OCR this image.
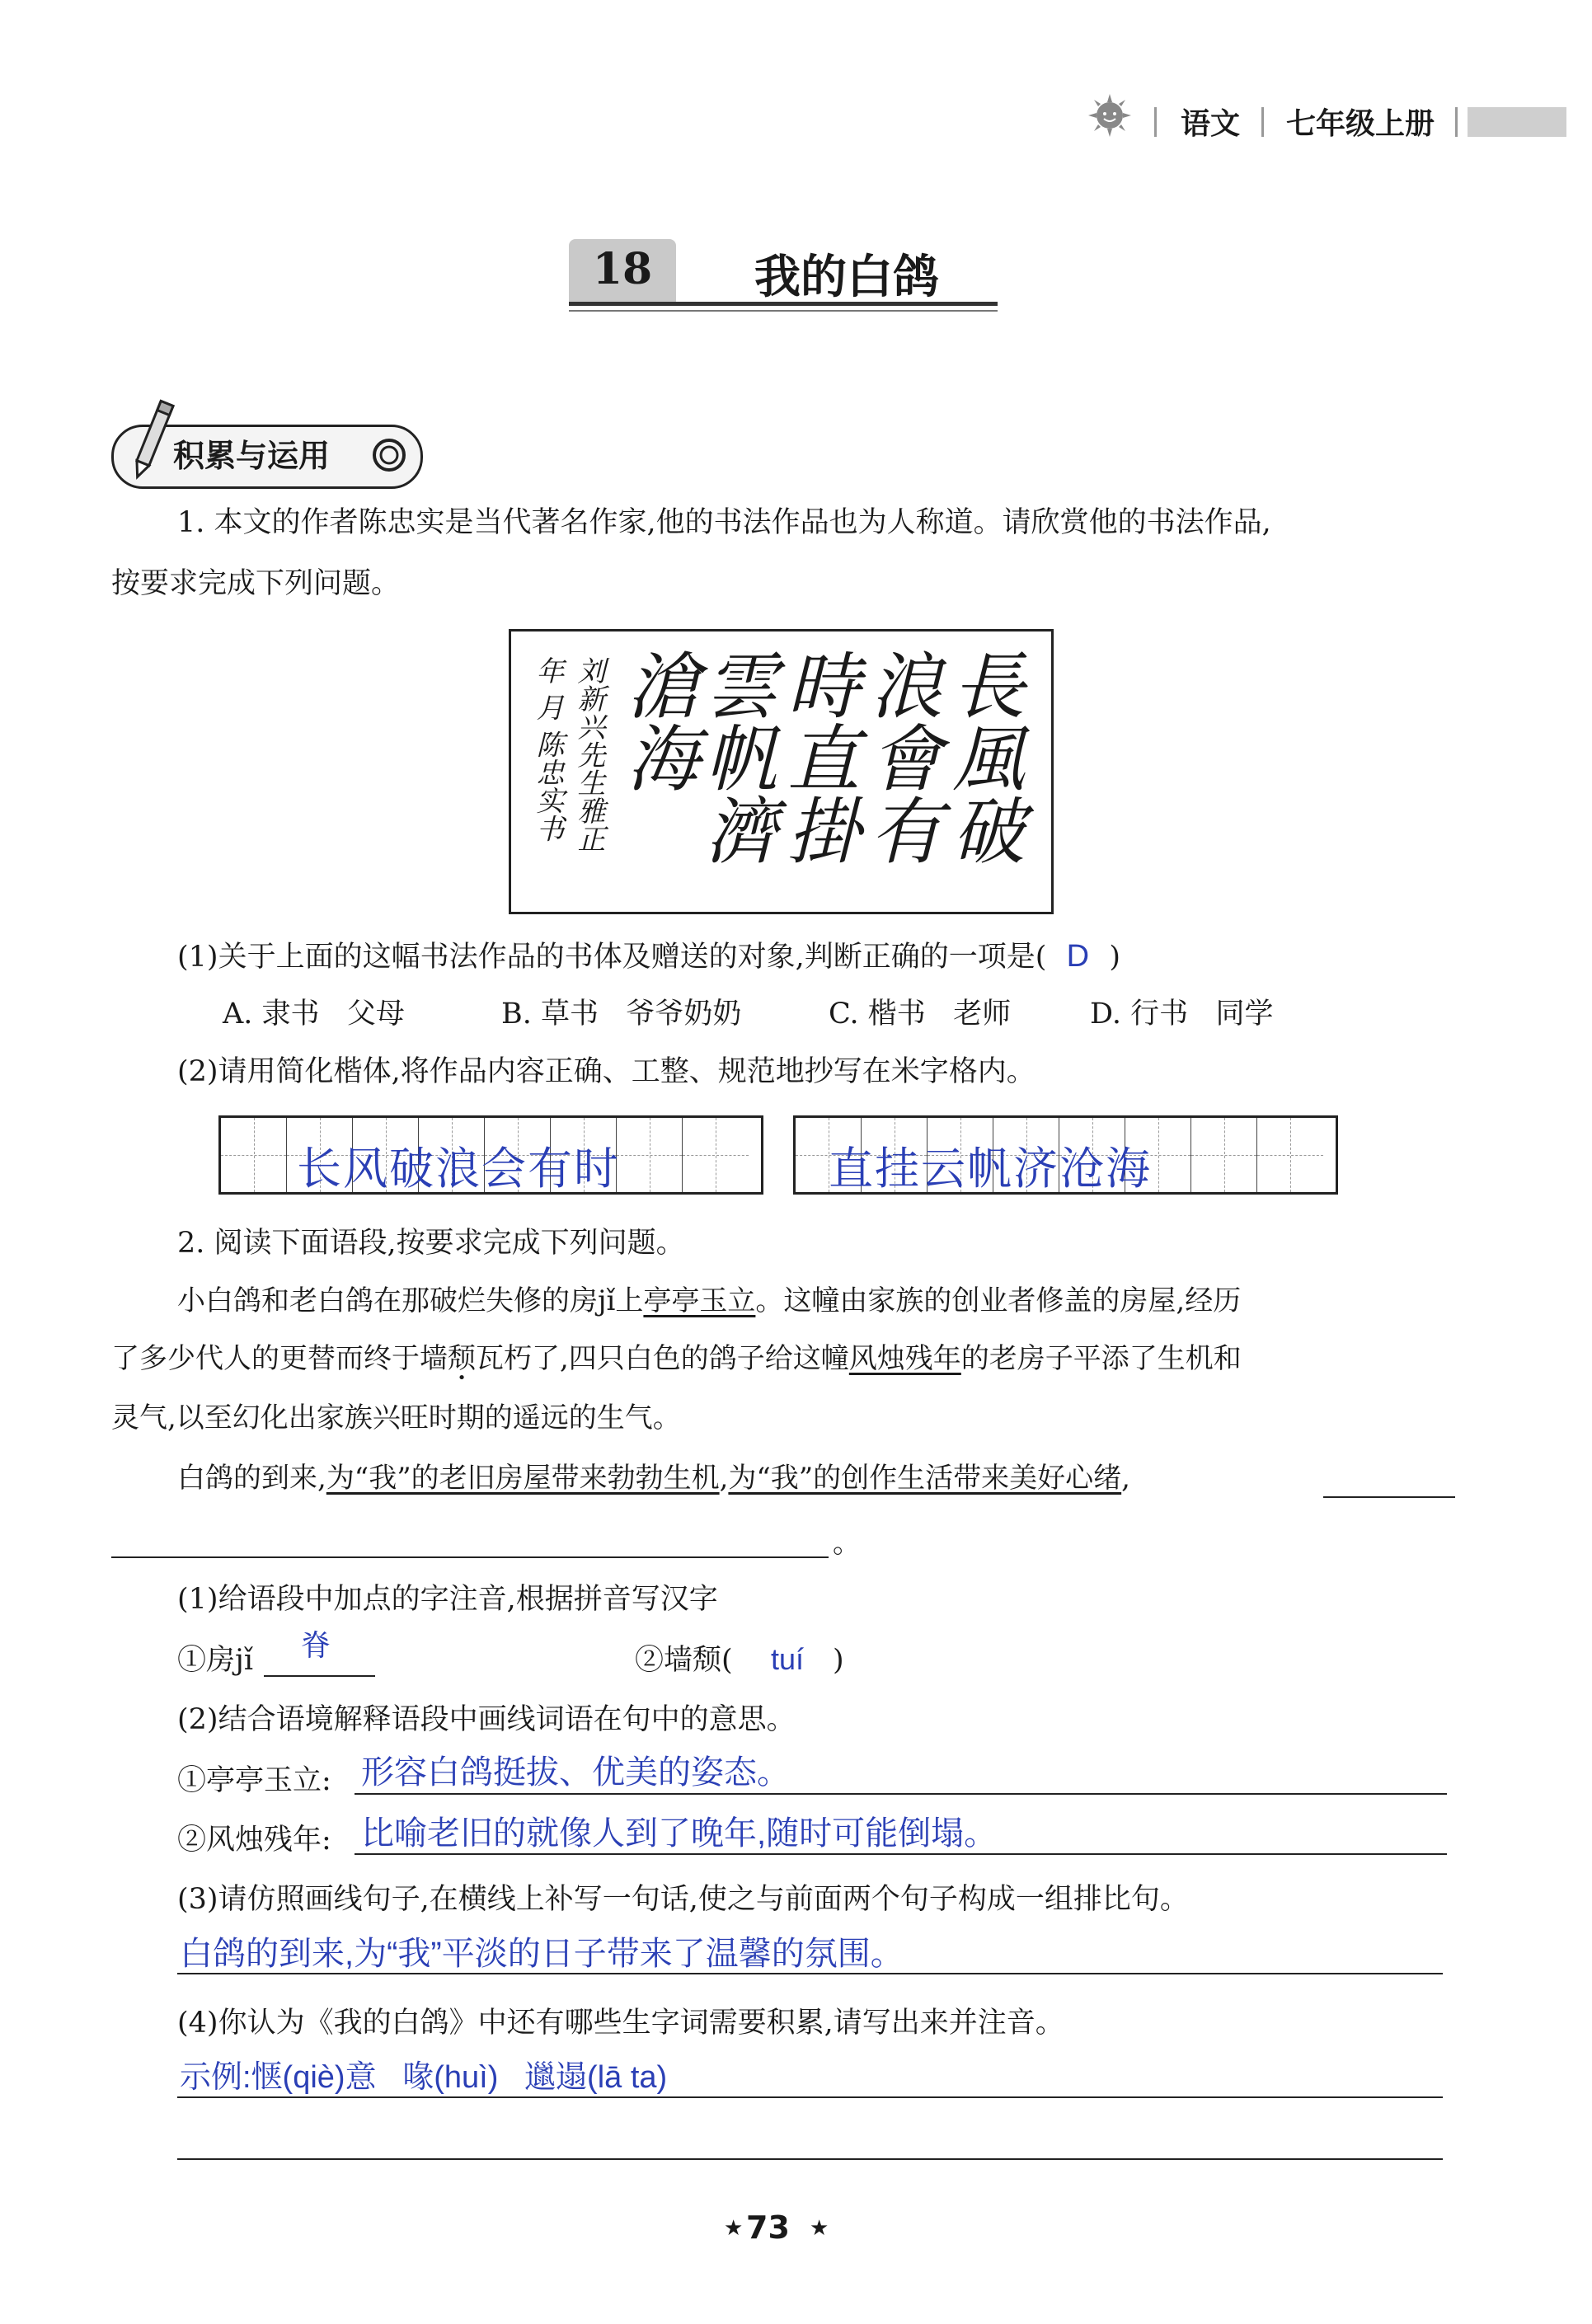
语文 七年级上册
18	我的白鸽
积累与运用
1. 本文的作者陈忠实是当代著名作家,他的书法作品也为人称道。请欣赏他的书法作品,
按要求完成下列问题。
長風破
浪會有
時直掛
雲帆濟
滄海
刘新兴先生雅正
年 月 陈忠实书
(1)关于上面的这幅书法作品的书体及赠送的对象,判断正确的一项是( D )
A. 隶书 父母	B. 草书 爷爷奶奶	C. 楷书 老师	D. 行书 同学
(2)请用简化楷体,将作品内容正确、工整、规范地抄写在米字格内。
长风破浪会有时	直挂云帆济沧海
2. 阅读下面语段,按要求完成下列问题。
小白鸽和老白鸽在那破烂失修的房jǐ上亭亭玉立。这幢由家族的创业者修盖的房屋,经历
了多少代人的更替而终于墙颓瓦朽了,四只白色的鸽子给这幢风烛残年的老房子平添了生机和
灵气,以至幻化出家族兴旺时期的遥远的生气。
白鸽的到来,为“我”的老旧房屋带来勃勃生机,为“我”的创作生活带来美好心绪,
。
(1)给语段中加点的字注音,根据拼音写汉字
①房jǐ 脊	②墙颓( tuí )
(2)结合语境解释语段中画线词语在句中的意思。
①亭亭玉立: 形容白鸽挺拔、优美的姿态。
②风烛残年: 比喻老旧的就像人到了晚年,随时可能倒塌。
(3)请仿照画线句子,在横线上补写一句话,使之与前面两个句子构成一组排比句。
白鸽的到来,为“我”平淡的日子带来了温馨的氛围。
(4)你认为《我的白鸽》中还有哪些生字词需要积累,请写出来并注音。
示例:惬(qiè)意   喙(huì)   邋遢(lā ta)
★ 73 ★
